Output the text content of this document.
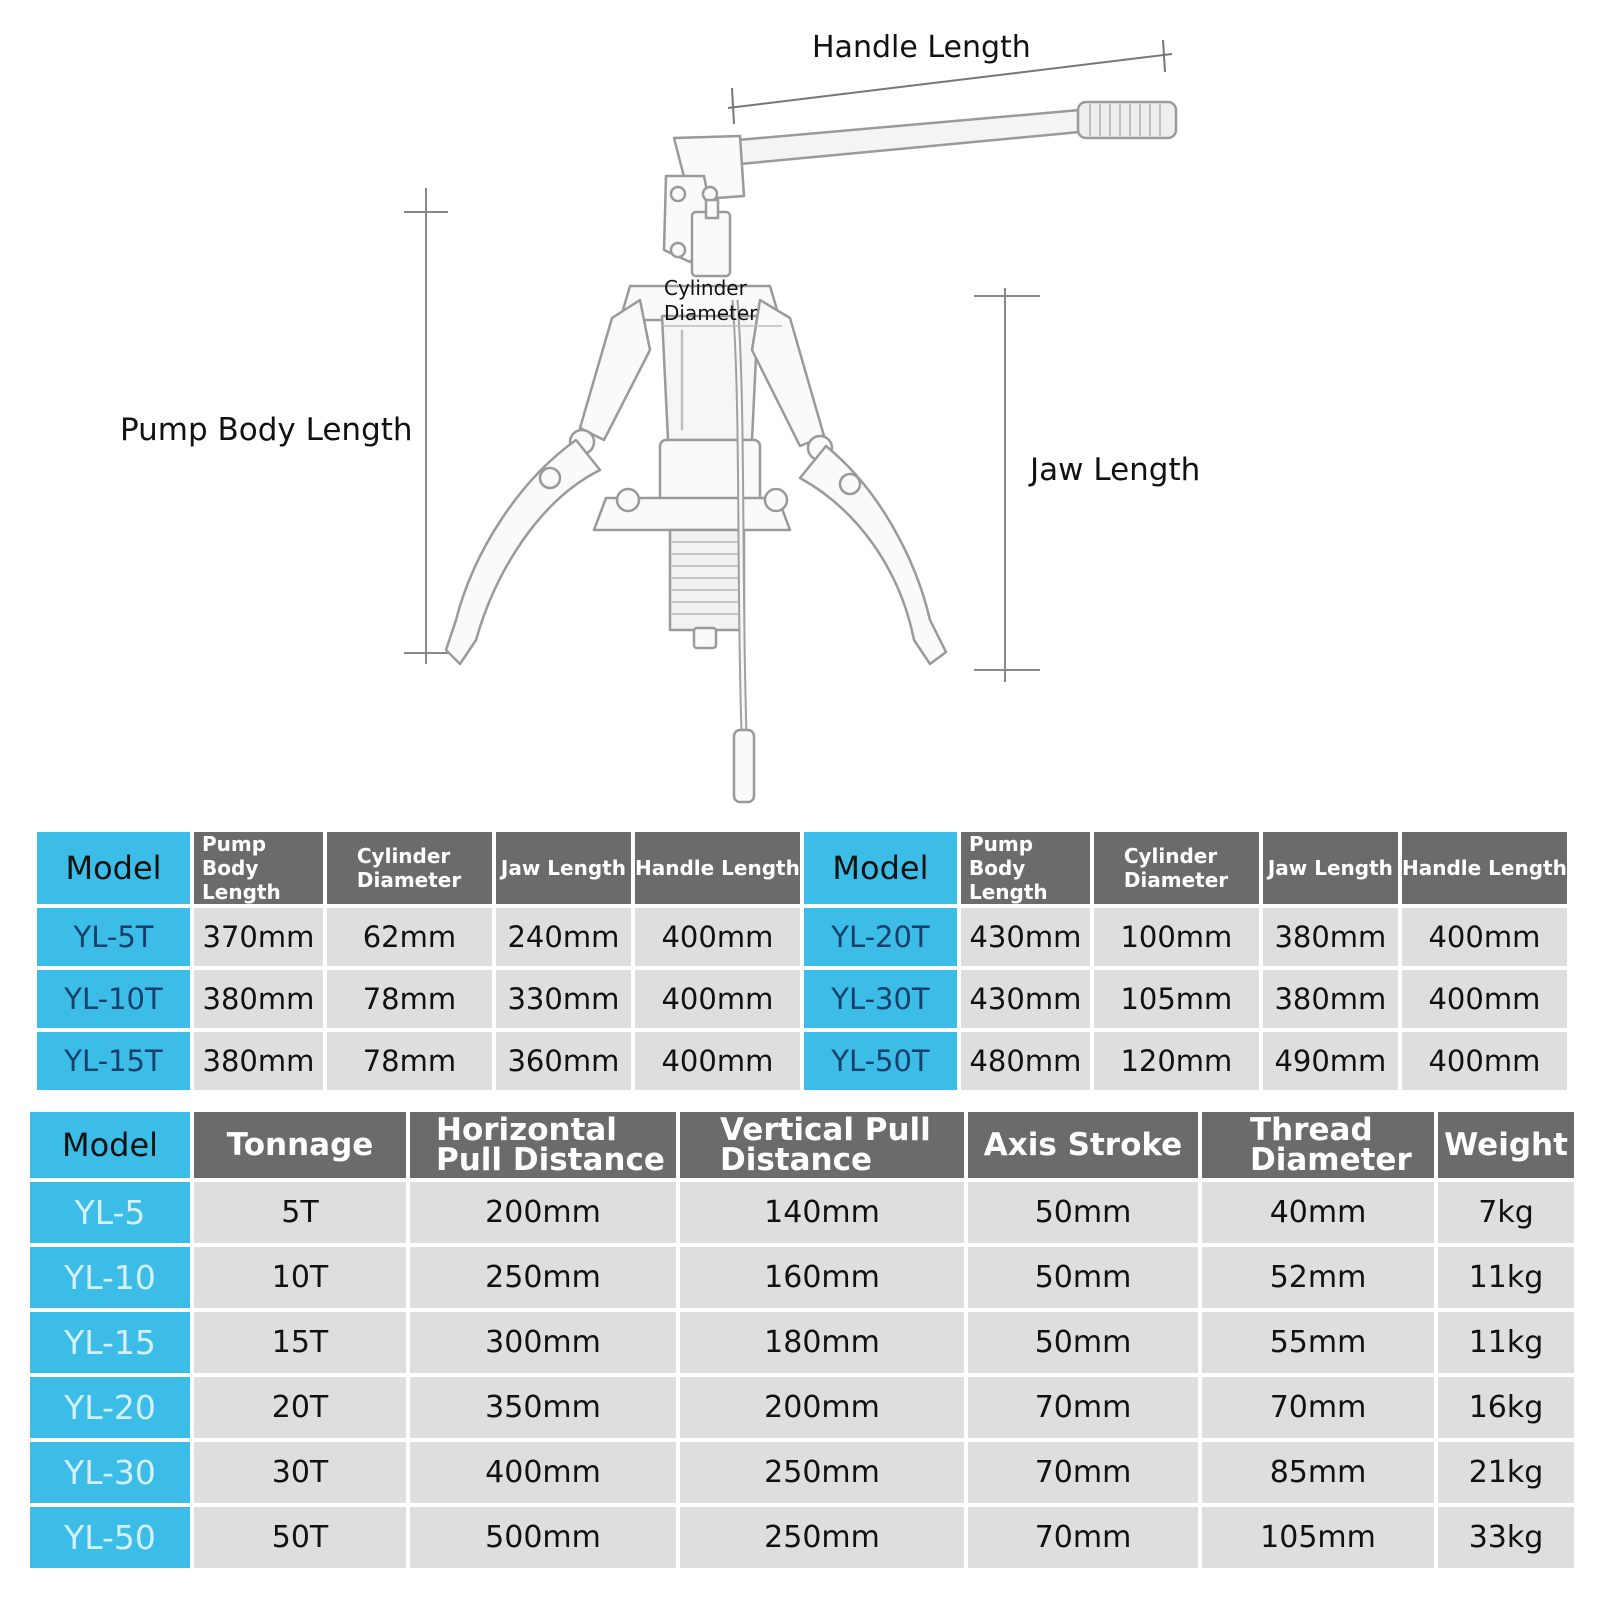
Handle Length
Cylinder Diameter
Pump Body Length
Jaw Length
Model	Pump Body Length	Cylinder Diameter	Jaw Length	Handle Length	Model	Pump Body Length	Cylinder Diameter	Jaw Length	Handle Length
YL-5T	370mm	62mm	240mm	400mm	YL-20T	430mm	100mm	380mm	400mm
YL-10T	380mm	78mm	330mm	400mm	YL-30T	430mm	105mm	380mm	400mm
YL-15T	380mm	78mm	360mm	400mm	YL-50T	480mm	120mm	490mm	400mm
Model	Tonnage	Horizontal Pull Distance	Vertical Pull Distance	Axis Stroke	Thread Diameter	Weight
YL-5	5T	200mm	140mm	50mm	40mm	7kg
YL-10	10T	250mm	160mm	50mm	52mm	11kg
YL-15	15T	300mm	180mm	50mm	55mm	11kg
YL-20	20T	350mm	200mm	70mm	70mm	16kg
YL-30	30T	400mm	250mm	70mm	85mm	21kg
YL-50	50T	500mm	250mm	70mm	105mm	33kg
